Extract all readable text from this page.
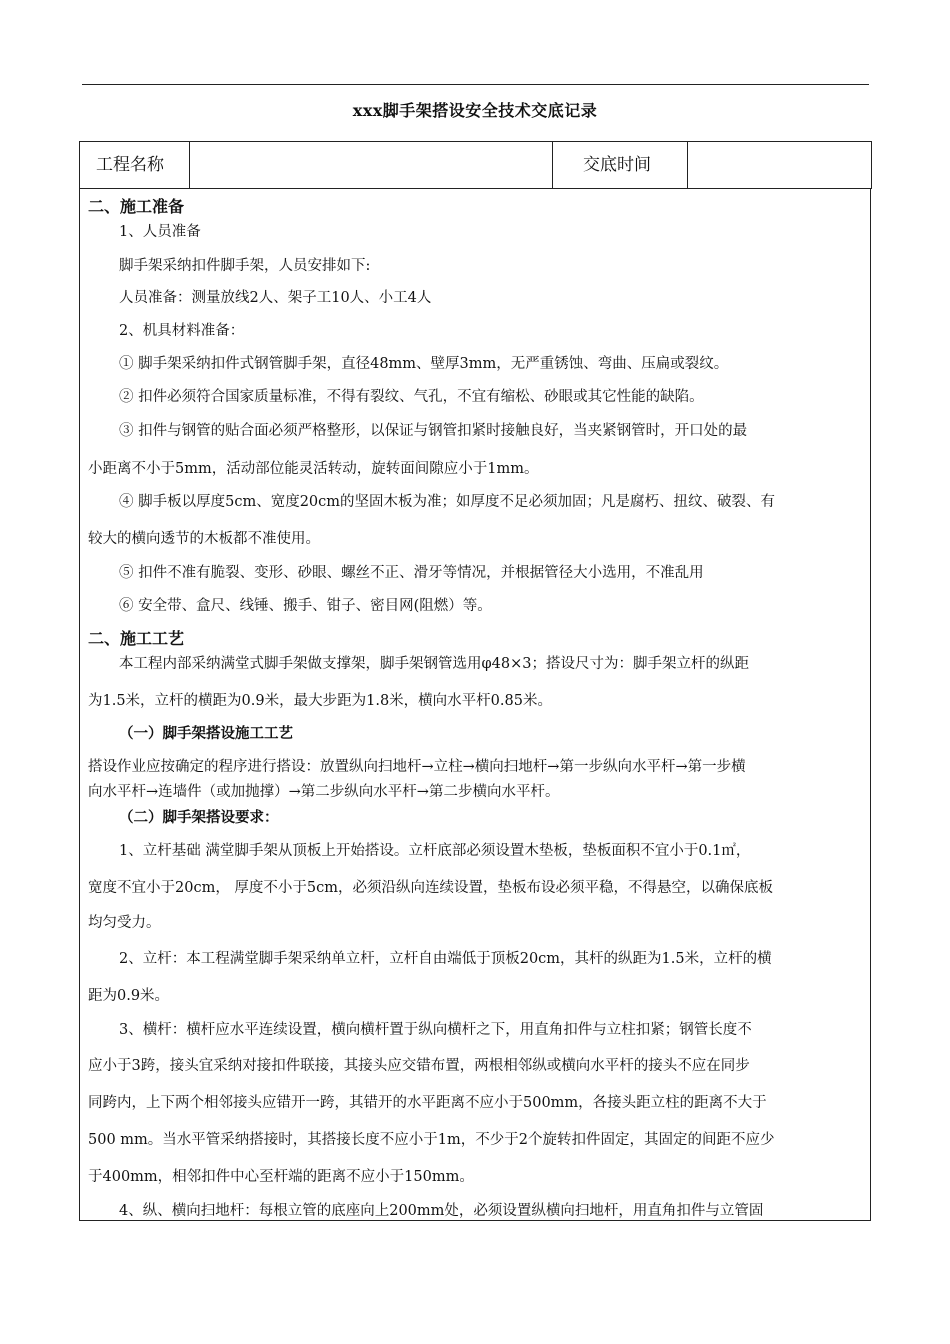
xxx脚手架搭设安全技术交底记录
工程名称		交底时间	
二、施工准备
1、人员准备
脚手架采纳扣件脚手架，人员安排如下:
人员准备：测量放线2人、架子工10人、小工4人
2、机具材料准备：
① 脚手架采纳扣件式钢管脚手架，直径48mm、壁厚3mm，无严重锈蚀、弯曲、压扁或裂纹。
② 扣件必须符合国家质量标准，不得有裂纹、气孔，不宜有缩松、砂眼或其它性能的缺陷。
③ 扣件与钢管的贴合面必须严格整形，以保证与钢管扣紧时接触良好，当夹紧钢管时，开口处的最
小距离不小于5mm，活动部位能灵活转动，旋转面间隙应小于1mm。
④ 脚手板以厚度5cm、宽度20cm的坚固木板为准；如厚度不足必须加固；凡是腐朽、扭纹、破裂、有
较大的横向透节的木板都不准使用。
⑤ 扣件不准有脆裂、变形、砂眼、螺丝不正、滑牙等情况，并根据管径大小选用，不准乱用
⑥ 安全带、盒尺、线锤、搬手、钳子、密目网(阻燃）等。
二、施工工艺
本工程内部采纳满堂式脚手架做支撑架，脚手架钢管选用φ48×3；搭设尺寸为：脚手架立杆的纵距
为1.5米，立杆的横距为0.9米，最大步距为1.8米，横向水平杆0.85米。
（一）脚手架搭设施工工艺
搭设作业应按确定的程序进行搭设：放置纵向扫地杆→立柱→横向扫地杆→第一步纵向水平杆→第一步横
向水平杆→连墙件（或加抛撑）→第二步纵向水平杆→第二步横向水平杆。
（二）脚手架搭设要求：
1、立杆基础 满堂脚手架从顶板上开始搭设。立杆底部必须设置木垫板，垫板面积不宜小于0.1㎡，
宽度不宜小于20cm， 厚度不小于5cm，必须沿纵向连续设置，垫板布设必须平稳，不得悬空，以确保底板
均匀受力。
2、立杆：本工程满堂脚手架采纳单立杆，立杆自由端低于顶板20cm，其杆的纵距为1.5米，立杆的横
距为0.9米。
3、横杆：横杆应水平连续设置，横向横杆置于纵向横杆之下，用直角扣件与立柱扣紧；钢管长度不
应小于3跨，接头宜采纳对接扣件联接，其接头应交错布置，两根相邻纵或横向水平杆的接头不应在同步
同跨内，上下两个相邻接头应错开一跨，其错开的水平距离不应小于500mm，各接头距立柱的距离不大于
500 mm。当水平管采纳搭接时，其搭接长度不应小于1m，不少于2个旋转扣件固定，其固定的间距不应少
于400mm，相邻扣件中心至杆端的距离不应小于150mm。
4、纵、横向扫地杆：每根立管的底座向上200mm处，必须设置纵横向扫地杆，用直角扣件与立管固
